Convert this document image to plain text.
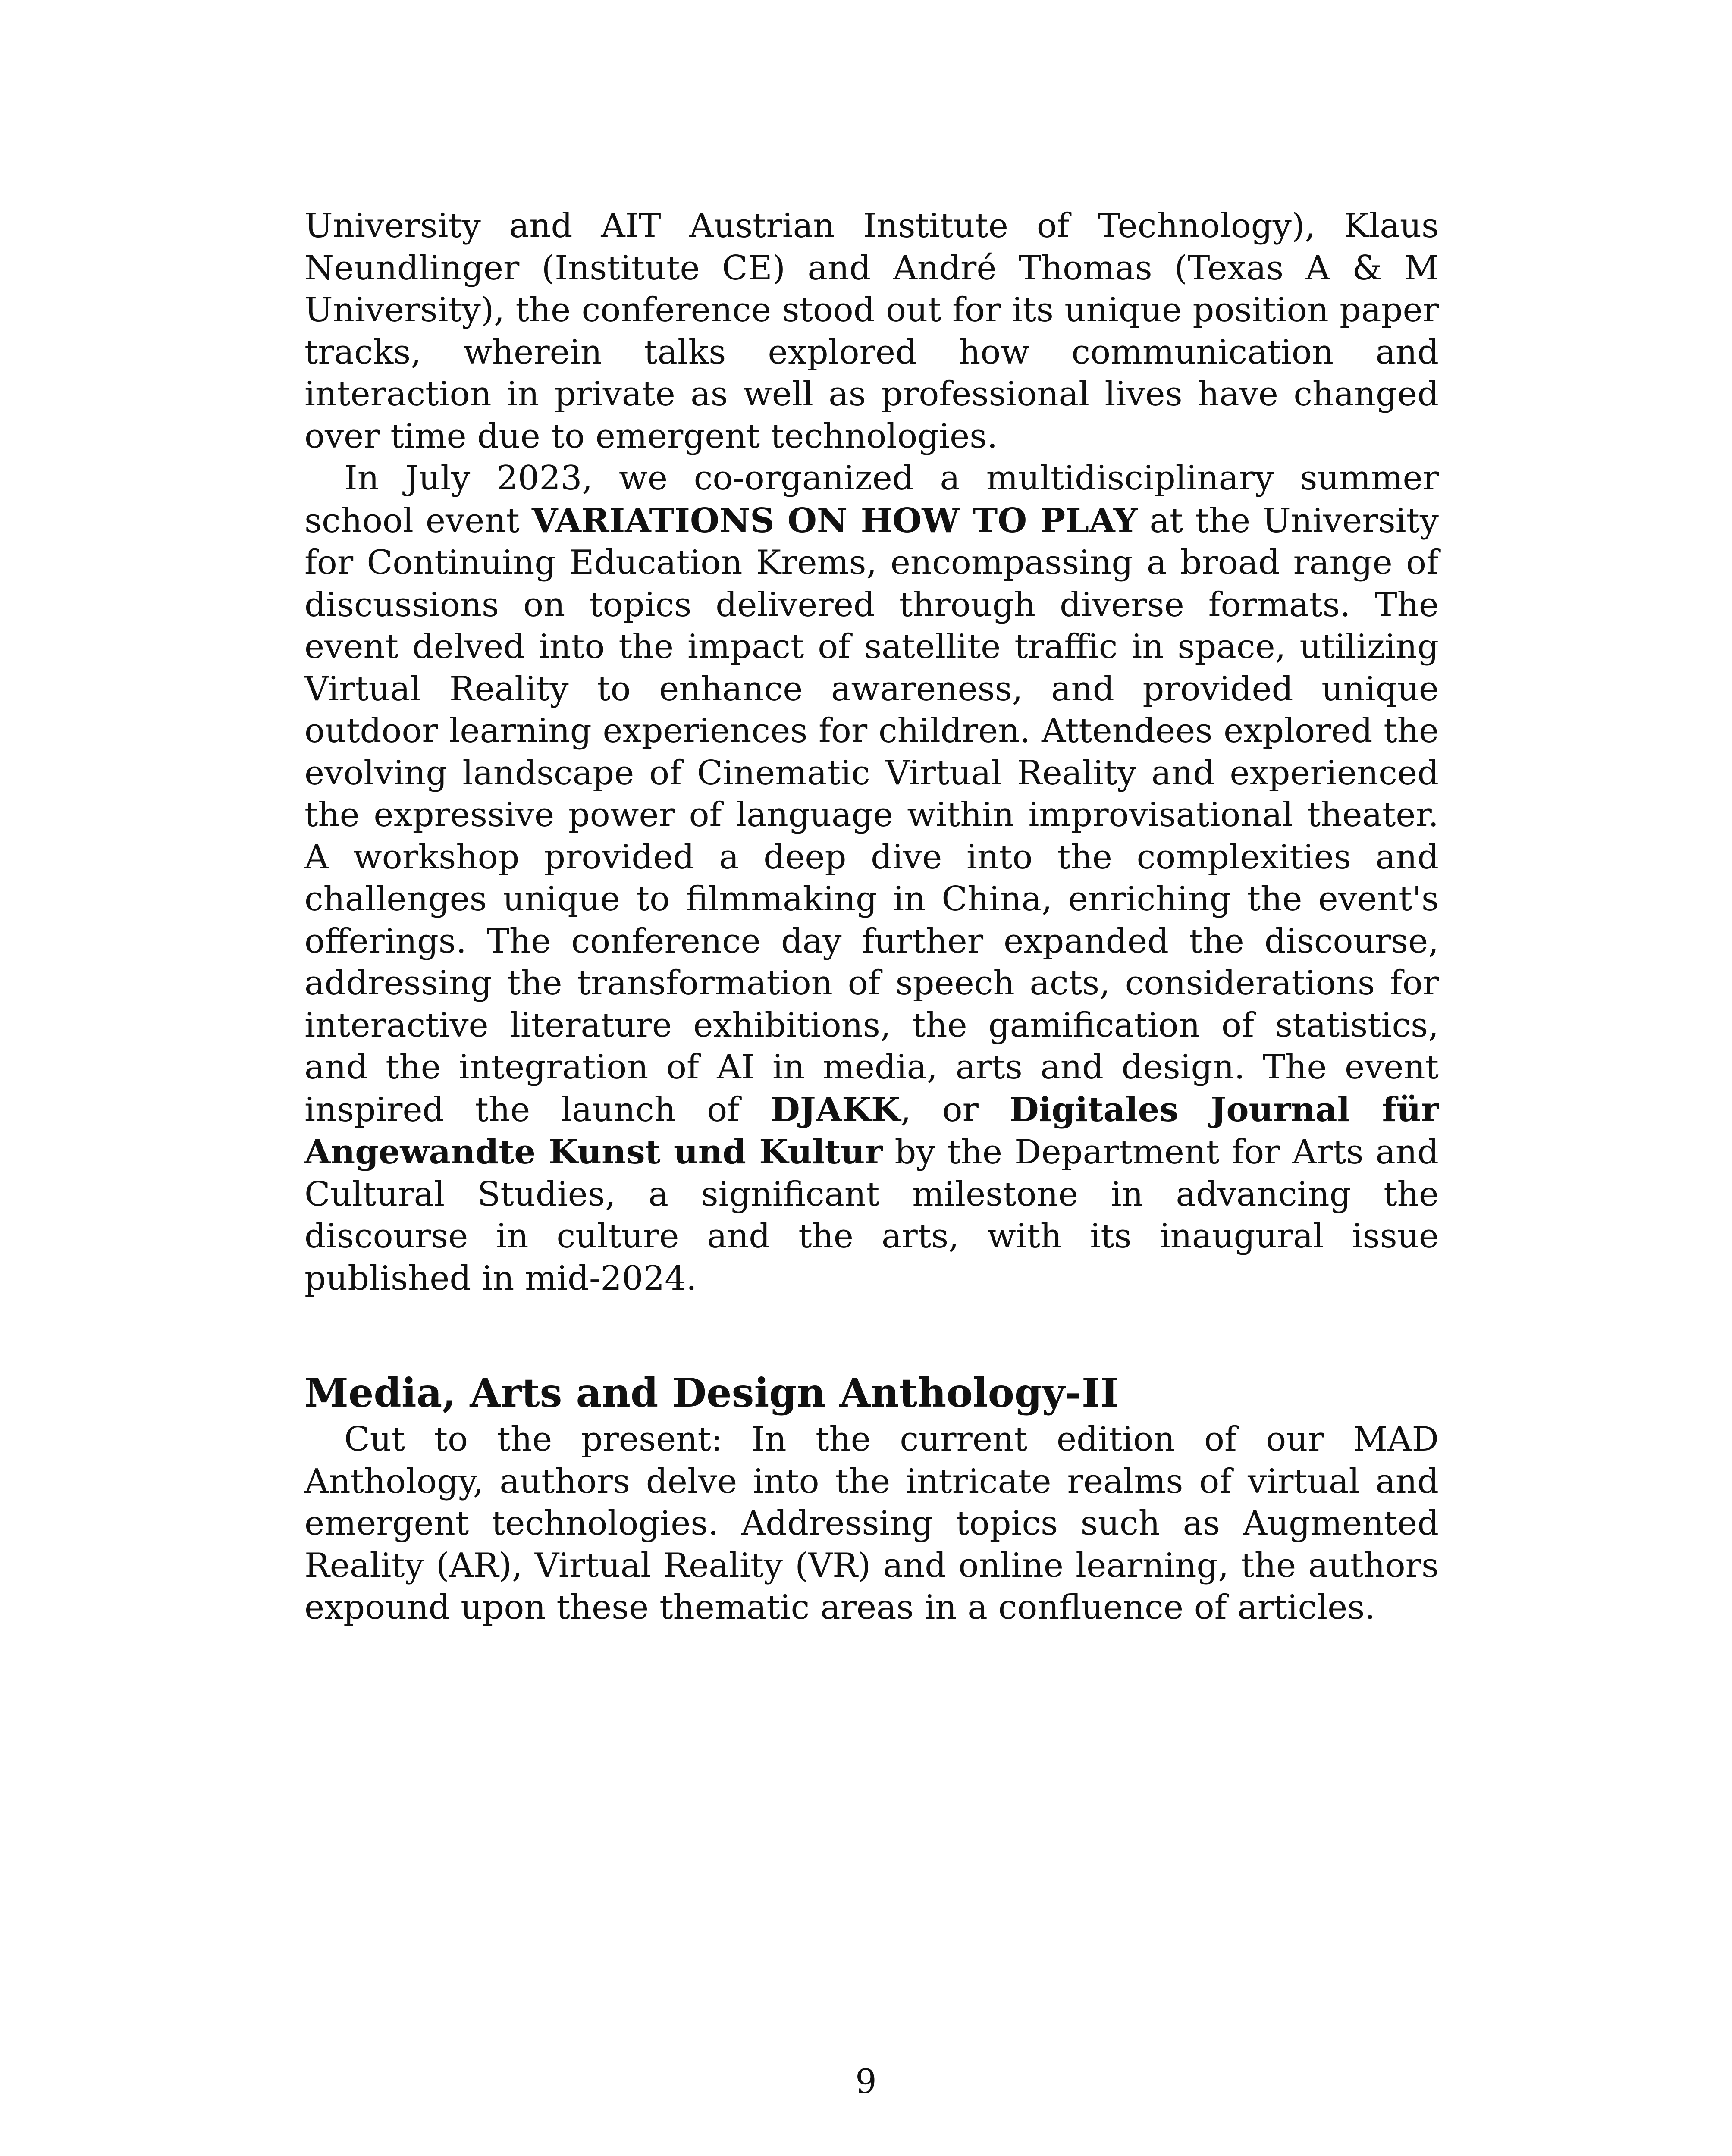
University and AIT Austrian Institute of Technology), Klaus Neundlinger (Institute CE) and André Thomas (Texas A & M University), the conference stood out for its unique position paper tracks, wherein talks explored how communication and interaction in private as well as professional lives have changed over time due to emergent technologies.

In July 2023, we co-organized a multidisciplinary summer school event VARIATIONS ON HOW TO PLAY at the University for Continuing Education Krems, encompassing a broad range of discussions on topics delivered through diverse formats. The event delved into the impact of satellite traffic in space, utilizing Virtual Reality to enhance awareness, and provided unique outdoor learning experiences for children. Attendees explored the evolving landscape of Cinematic Virtual Reality and experienced the expressive power of language within improvisational theater. A workshop provided a deep dive into the complexities and challenges unique to filmmaking in China, enriching the event's offerings. The conference day further expanded the discourse, addressing the transformation of speech acts, considerations for interactive literature exhibitions, the gamification of statistics, and the integration of AI in media, arts and design. The event inspired the launch of DJAKK, or Digitales Journal für Angewandte Kunst und Kultur by the Department for Arts and Cultural Studies, a significant milestone in advancing the discourse in culture and the arts, with its inaugural issue published in mid-2024.

Media, Arts and Design Anthology-II

Cut to the present: In the current edition of our MAD Anthology, authors delve into the intricate realms of virtual and emergent technologies. Addressing topics such as Augmented Reality (AR), Virtual Reality (VR) and online learning, the authors expound upon these thematic areas in a confluence of articles.

9
